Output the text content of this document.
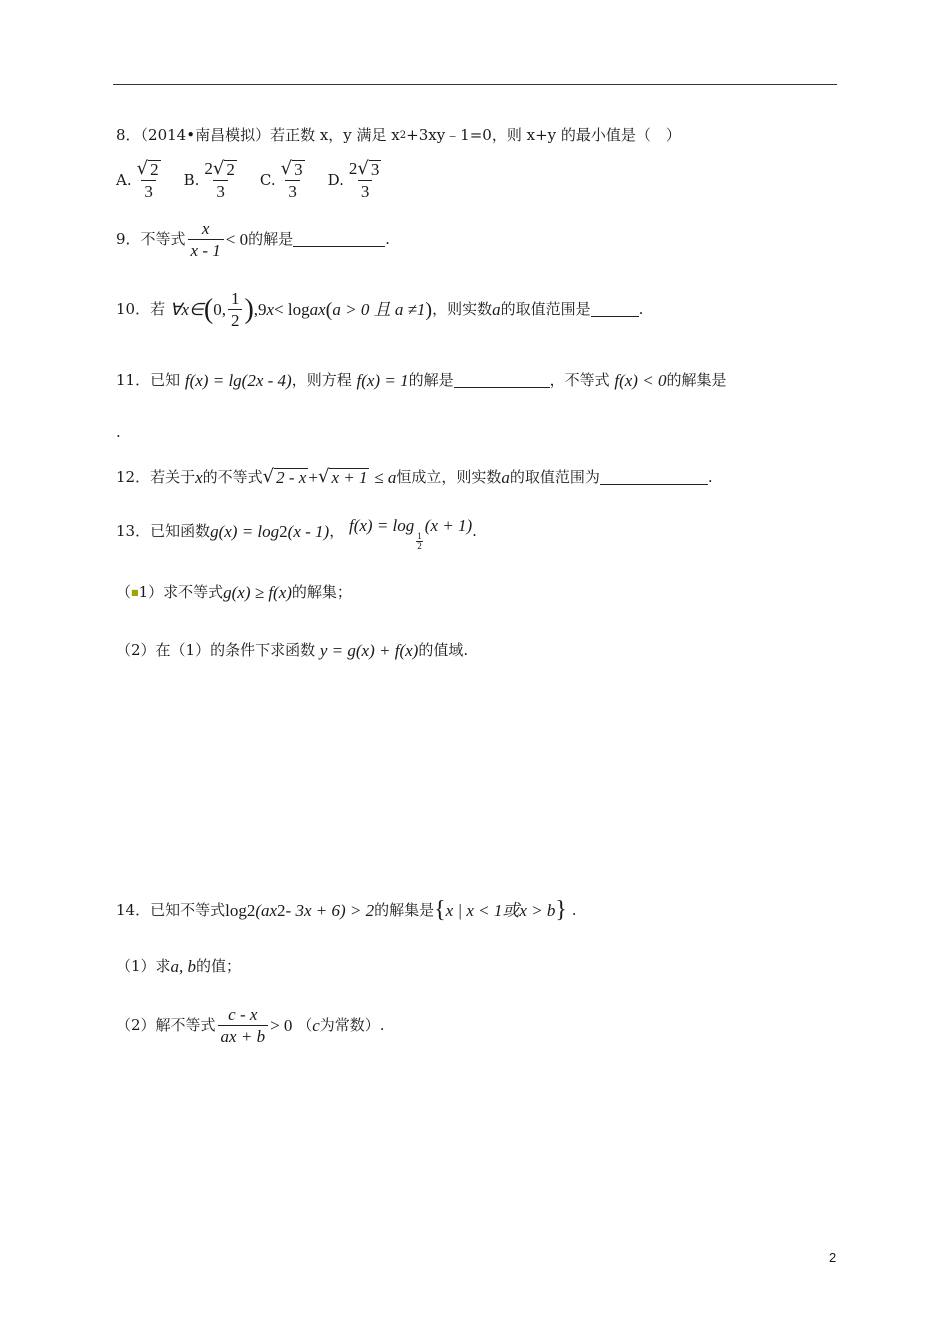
8．（2014•南昌模拟）若正数 x，y 满足 x 2 +3xy﹣1=0，则 x+y 的最小值是（　）
A. $\frac{√ 2}{3} B$. $\frac{2 √ 2}{3} C$. $\frac{√ 3}{3} D$. $\frac{2 √ 3}{3}$
9．不等式 $\frac{x}{x - 1} < 0$ 的解是	.
10．若
∀x∈ ( 0, $\frac{1}{2}$ ) ,9 x < log a x ( a > 0 且 a ≠1 ) ，则实数 a 的取值范围是	.
11．已知
f(x) = lg(2x - 4) ，则方程
f(x) = 1 的解是	，不等式
f(x) < 0 的解集是
.
12．若关于 x 的不等式 √ 2 - x + √ x + 1
≤ a 恒成立，则实数 a 的取值范围为	.
13．已知函数 g(x) = log 2 (x - 1) ，
f(x) = log
$\frac{1}{2}$
(x + 1) .
（ ■ 1）求不等式 g(x) ≥ f(x) 的解集；
（2）在（1）的条件下求函数
y = g(x) + f(x) 的值域.
14．已知不等式 log 2 (ax 2 - 3x + 6) > 2 的解集是 { x | x < 1或x > b }
.
（1）求 a, b 的值；
（2）解不等式 $\frac{c - x}{ax + b} > 0$
（ c 为常数）.
2
